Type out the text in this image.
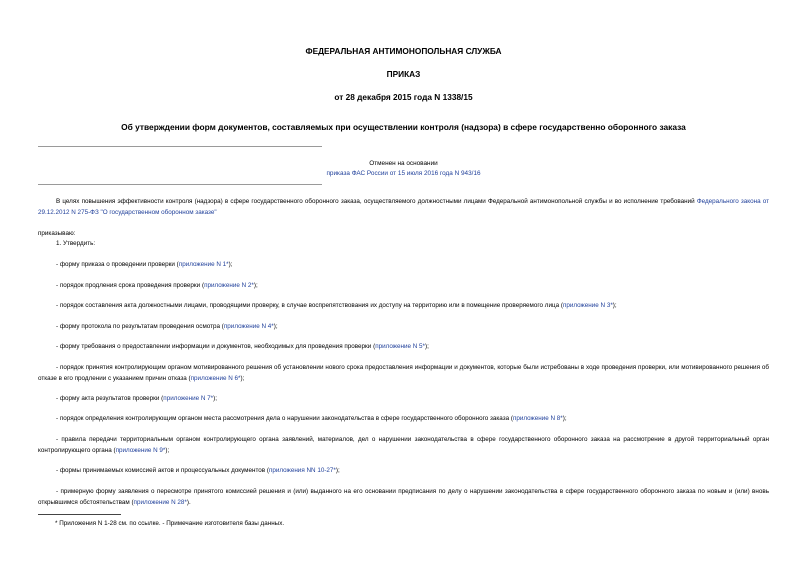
ФЕДЕРАЛЬНАЯ АНТИМОНОПОЛЬНАЯ СЛУЖБА
ПРИКАЗ
от 28 декабря 2015 года N 1338/15
Об утверждении форм документов, составляемых при осуществлении контроля (надзора) в сфере государственно оборонного заказа
Отменен на основании
приказа ФАС России от 15 июля 2016 года N 943/16
В целях повышения эффективности контроля (надзора) в сфере государственного оборонного заказа, осуществляемого должностными лицами Федеральной антимонопольной службы и во исполнение требований Федерального закона от 29.12.2012 N 275-ФЗ "О государственном оборонном заказе"
приказываю:
1. Утвердить:
- форму приказа о проведении проверки (приложение N 1*);
- порядок продления срока проведения проверки (приложение N 2*);
- порядок составления акта должностными лицами, проводящими проверку, в случае воспрепятствования их доступу на территорию или в помещение проверяемого лица (приложение N 3*);
- форму протокола по результатам проведения осмотра (приложение N 4*);
- форму требования о предоставлении информации и документов, необходимых для проведения проверки (приложение N 5*);
- порядок принятия контролирующим органом мотивированного решения об установлении нового срока предоставления информации и документов, которые были истребованы в ходе проведения проверки, или мотивированного решения об отказе в его продлении с указанием причин отказа (приложение N 6*);
- форму акта результатов проверки (приложение N 7*);
- порядок определения контролирующим органом места рассмотрения дела о нарушении законодательства в сфере государственного оборонного заказа (приложение N 8*);
- правила передачи территориальным органом контролирующего органа заявлений, материалов, дел о нарушении законодательства в сфере государственного оборонного заказа на рассмотрение в другой территориальный орган контролирующего органа (приложение N 9*);
- формы принимаемых комиссией актов и процессуальных документов (приложения NN 10-27*);
- примерную форму заявления о пересмотре принятого комиссией решения и (или) выданного на его основании предписания по делу о нарушении законодательства в сфере государственного оборонного заказа по новым и (или) вновь открывшимся обстоятельствам (приложение N 28*).
* Приложения N 1-28 см. по ссылке. - Примечание изготовителя базы данных.
